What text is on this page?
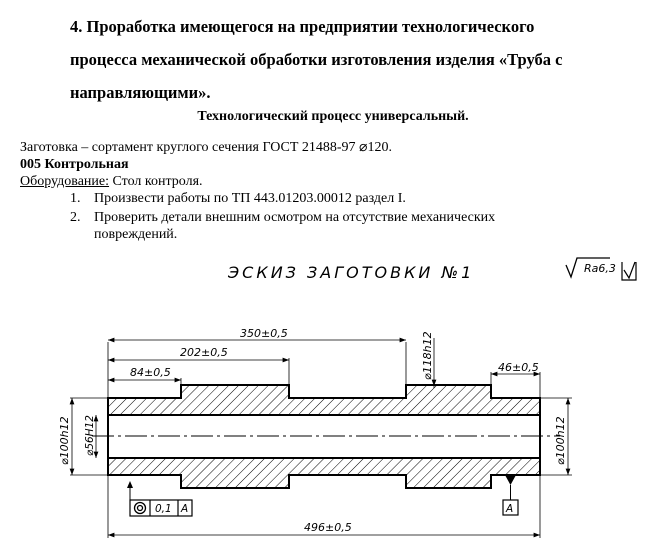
4. Проработка имеющегося на предприятии технологического
процесса механической обработки изготовления изделия «Труба с
направляющими».
Технологический процесс универсальный.
Заготовка – сортамент круглого сечения ГОСТ 21488-97 ⌀120.
005 Контрольная
Оборудование: Стол контроля.
1. Произвести работы по ТП 443.01203.00012 раздел I.
2. Проверить детали внешним осмотром на отсутствие механических
повреждений.
ЭСКИЗ ЗАГОТОВКИ №1	Ra6,3
350±0,5
202±0,5
84±0,5	46±0,5
⌀118h12
⌀100h12 ⌀56H12	⌀100h12
496±0,5
0,1 A	A
